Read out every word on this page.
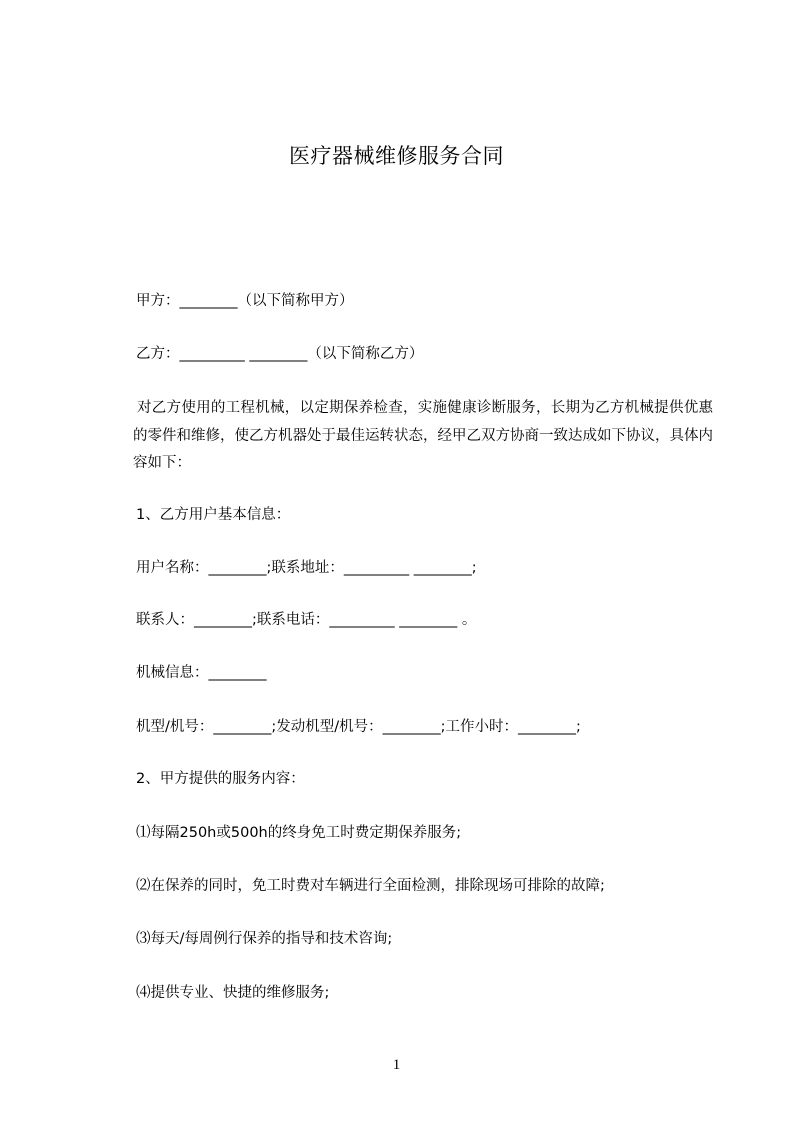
医疗器械维修服务合同
甲方：________（以下简称甲方）
乙方：_________ ________（以下简称乙方）
对乙方使用的工程机械，以定期保养检查，实施健康诊断服务，长期为乙方机械提供优惠的零件和维修，使乙方机器处于最佳运转状态，经甲乙双方协商一致达成如下协议，具体内容如下：
1、乙方用户基本信息：
用户名称：________;联系地址：_________ ________;
联系人：________;联系电话：_________ ________ 。
机械信息：________
机型/机号：________;发动机型/机号：________;工作小时：________;
2、甲方提供的服务内容：
⑴每隔250h或500h的终身免工时费定期保养服务;
⑵在保养的同时，免工时费对车辆进行全面检测，排除现场可排除的故障;
⑶每天/每周例行保养的指导和技术咨询;
⑷提供专业、快捷的维修服务;
1
